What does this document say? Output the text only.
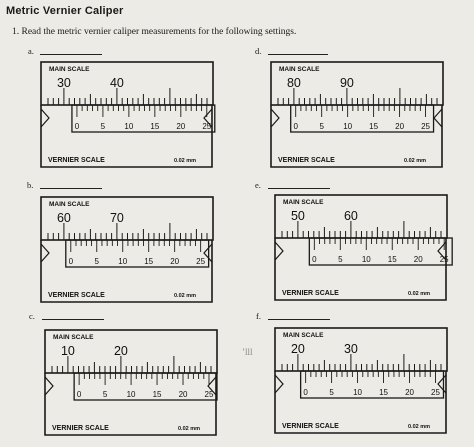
Metric Vernier Caliper
1. Read the metric vernier caliper measurements for the following settings.
a.
MAIN SCALE
30	40
0	5 10 15 20 25
VERNIER SCALE	0.02 mm
d.
MAIN SCALE
80	90
0	5 10 15 20 25
VERNIER SCALE	0.02 mm
b.
MAIN SCALE
60	70
0	5 10 15 20 25
VERNIER SCALE	0.02 mm
e.
MAIN SCALE
50	60
0	5 10 15 20 25
VERNIER SCALE	0.02 mm
c.
MAIN SCALE
10	20
0	5 10 15 20 25
VERNIER SCALE	0.02 mm
f.
MAIN SCALE
20	30
0	5 10 15 20 25
VERNIER SCALE	0.02 mm
ʼlll
